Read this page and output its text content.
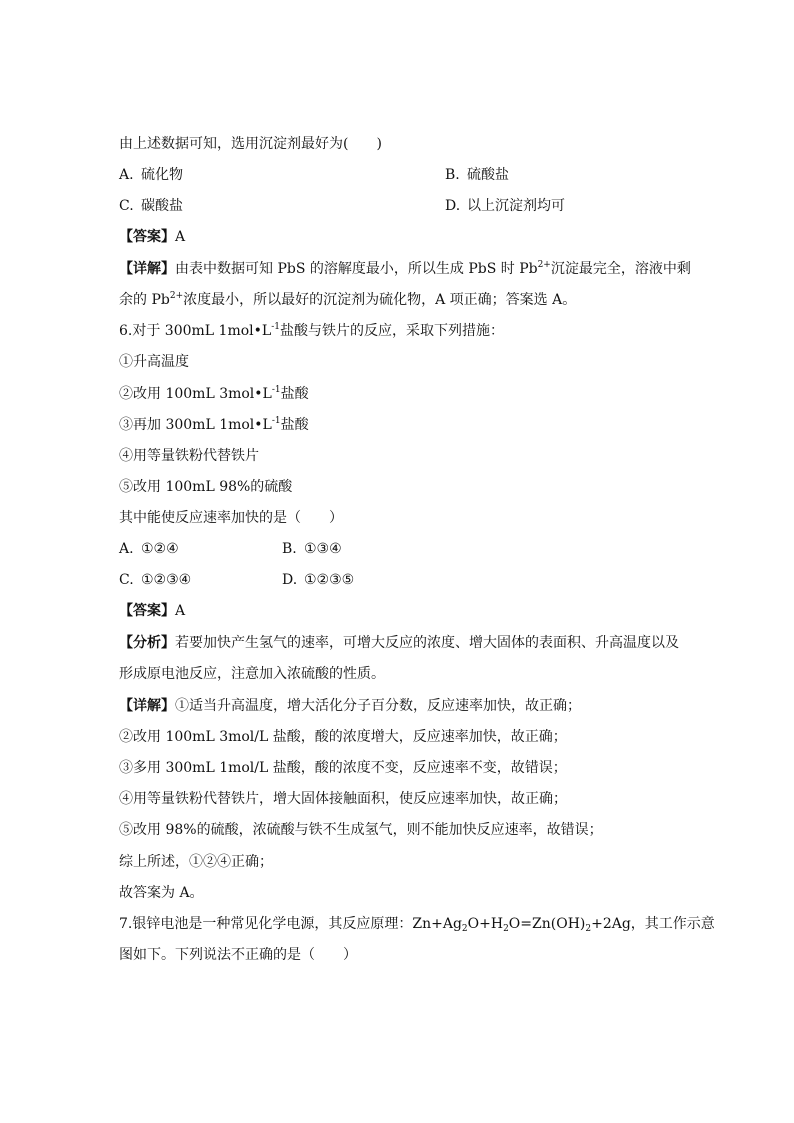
由上述数据可知，选用沉淀剂最好为(　　)
A. 硫化物	B. 硫酸盐
C. 碳酸盐	D. 以上沉淀剂均可
【答案】A
【详解】由表中数据可知 PbS 的溶解度最小，所以生成 PbS 时 $Pb^{2+}$沉淀最完全，溶液中剩
余的 $Pb^{2+}$浓度最小，所以最好的沉淀剂为硫化物，A 项正确；答案选 A。
6.对于 300mL $1mol•L^{-1}$盐酸与铁片的反应，采取下列措施：
①升高温度
②改用 100mL $3mol•L^{-1}$盐酸
③再加 300mL $1mol•L^{-1}$盐酸
④用等量铁粉代替铁片
⑤改用 100mL 98%的硫酸
其中能使反应速率加快的是（　　）
A. ①②④	B. ①③④
C. ①②③④	D. ①②③⑤
【答案】A
【分析】若要加快产生氢气的速率，可增大反应的浓度、增大固体的表面积、升高温度以及
形成原电池反应，注意加入浓硫酸的性质。
【详解】①适当升高温度，增大活化分子百分数，反应速率加快，故正确；
②改用 100mL 3mol/L 盐酸，酸的浓度增大，反应速率加快，故正确；
③多用 300mL 1mol/L 盐酸，酸的浓度不变，反应速率不变，故错误；
④用等量铁粉代替铁片，增大固体接触面积，使反应速率加快，故正确；
⑤改用 98%的硫酸，浓硫酸与铁不生成氢气，则不能加快反应速率，故错误；
综上所述，①②④正确；
故答案为 A。
7.银锌电池是一种常见化学电源，其反应原理：$Zn+Ag_2O+H_2O=Zn(OH)_2+2Ag$，其工作示意
图如下。下列说法不正确的是（　　）
